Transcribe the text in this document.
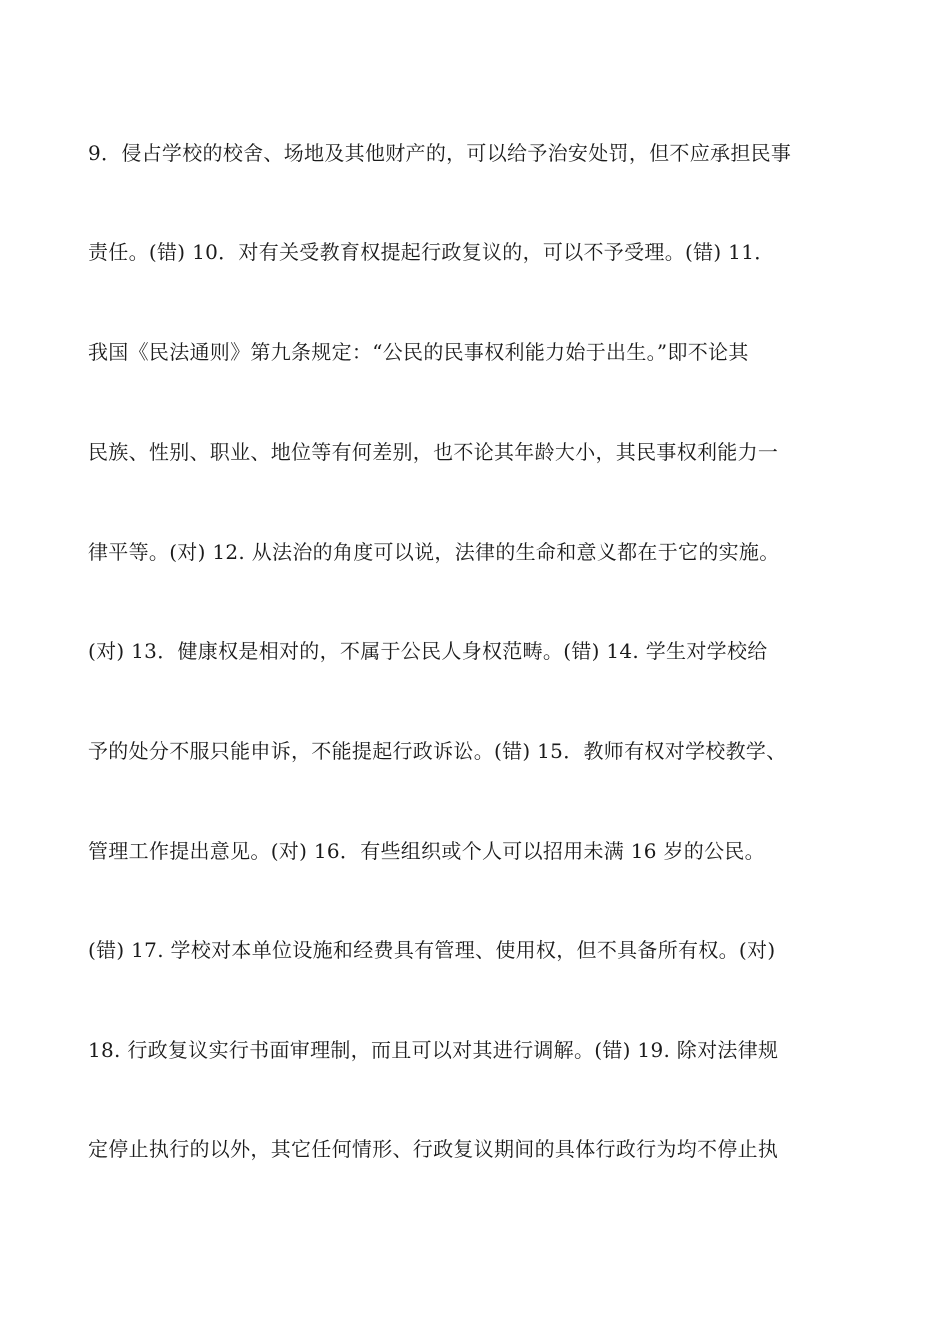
9．侵占学校的校舍、场地及其他财产的，可以给予治安处罚，但不应承担民事
责任。(错) 10．对有关受教育权提起行政复议的，可以不予受理。(错) 11．
我国《民法通则》第九条规定：“公民的民事权利能力始于出生。”即不论其
民族、性别、职业、地位等有何差别，也不论其年龄大小，其民事权利能力一
律平等。(对) 12. 从法治的角度可以说，法律的生命和意义都在于它的实施。
(对) 13．健康权是相对的，不属于公民人身权范畴。(错) 14. 学生对学校给
予的处分不服只能申诉，不能提起行政诉讼。(错) 15．教师有权对学校教学、
管理工作提出意见。(对) 16．有些组织或个人可以招用未满 16 岁的公民。
(错) 17. 学校对本单位设施和经费具有管理、使用权，但不具备所有权。(对)
18. 行政复议实行书面审理制，而且可以对其进行调解。(错) 19. 除对法律规
定停止执行的以外，其它任何情形、行政复议期间的具体行政行为均不停止执
